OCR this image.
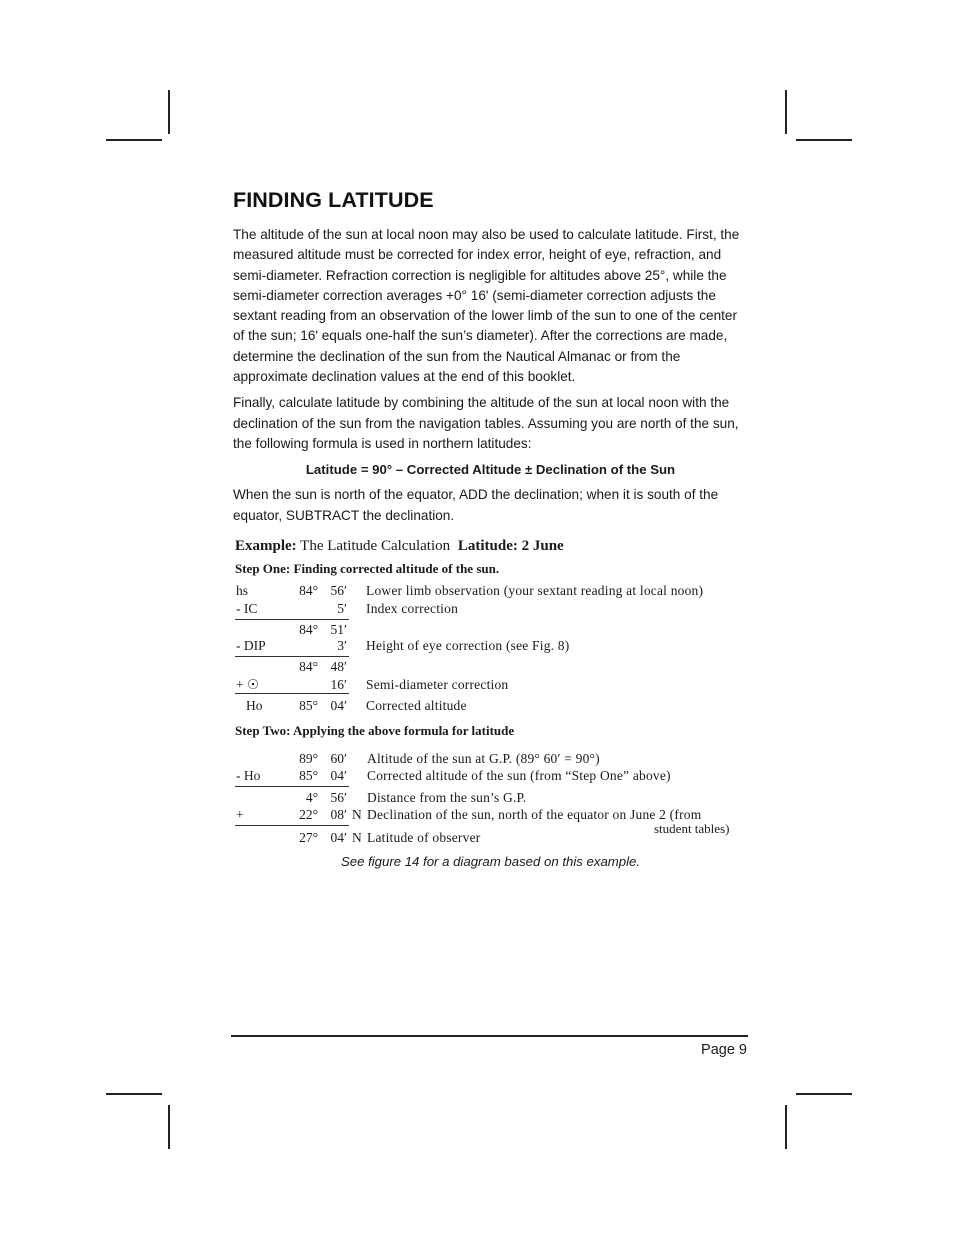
FINDING LATITUDE

The altitude of the sun at local noon may also be used to calculate latitude. First, the measured altitude must be corrected for index error, height of eye, refraction, and semi-diameter. Refraction correction is negligible for altitudes above 25°, while the semi-diameter correction averages +0° 16' (semi-diameter correction adjusts the sextant reading from an observation of the lower limb of the sun to one of the center of the sun; 16' equals one-half the sun’s diameter). After the corrections are made, determine the declination of the sun from the Nautical Almanac or from the approximate declination values at the end of this booklet.

Finally, calculate latitude by combining the altitude of the sun at local noon with the declination of the sun from the navigation tables. Assuming you are north of the sun, the following formula is used in northern latitudes:

Latitude = 90° – Corrected Altitude ± Declination of the Sun

When the sun is north of the equator, ADD the declination; when it is south of the equator, SUBTRACT the declination.

Example: The Latitude Calculation Latitude: 2 June
Step One: Finding corrected altitude of the sun.
hs	84° 56′ Lower limb observation (your sextant reading at local noon)
- IC	5′ Index correction
84° 51′
- DIP	3′ Height of eye correction (see Fig. 8)
84° 48′
+ ☉	16′ Semi-diameter correction
Ho	85° 04′ Corrected altitude
Step Two: Applying the above formula for latitude
89° 60′ Altitude of the sun at G.P. (89° 60′ = 90°)
- Ho	85° 04′ Corrected altitude of the sun (from “Step One” above)
4° 56′ Distance from the sun’s G.P.
+	22° 08′ N Declination of the sun, north of the equator on June 2 (from
student tables)
27° 04′ N Latitude of observer
See figure 14 for a diagram based on this example.
Page 9
